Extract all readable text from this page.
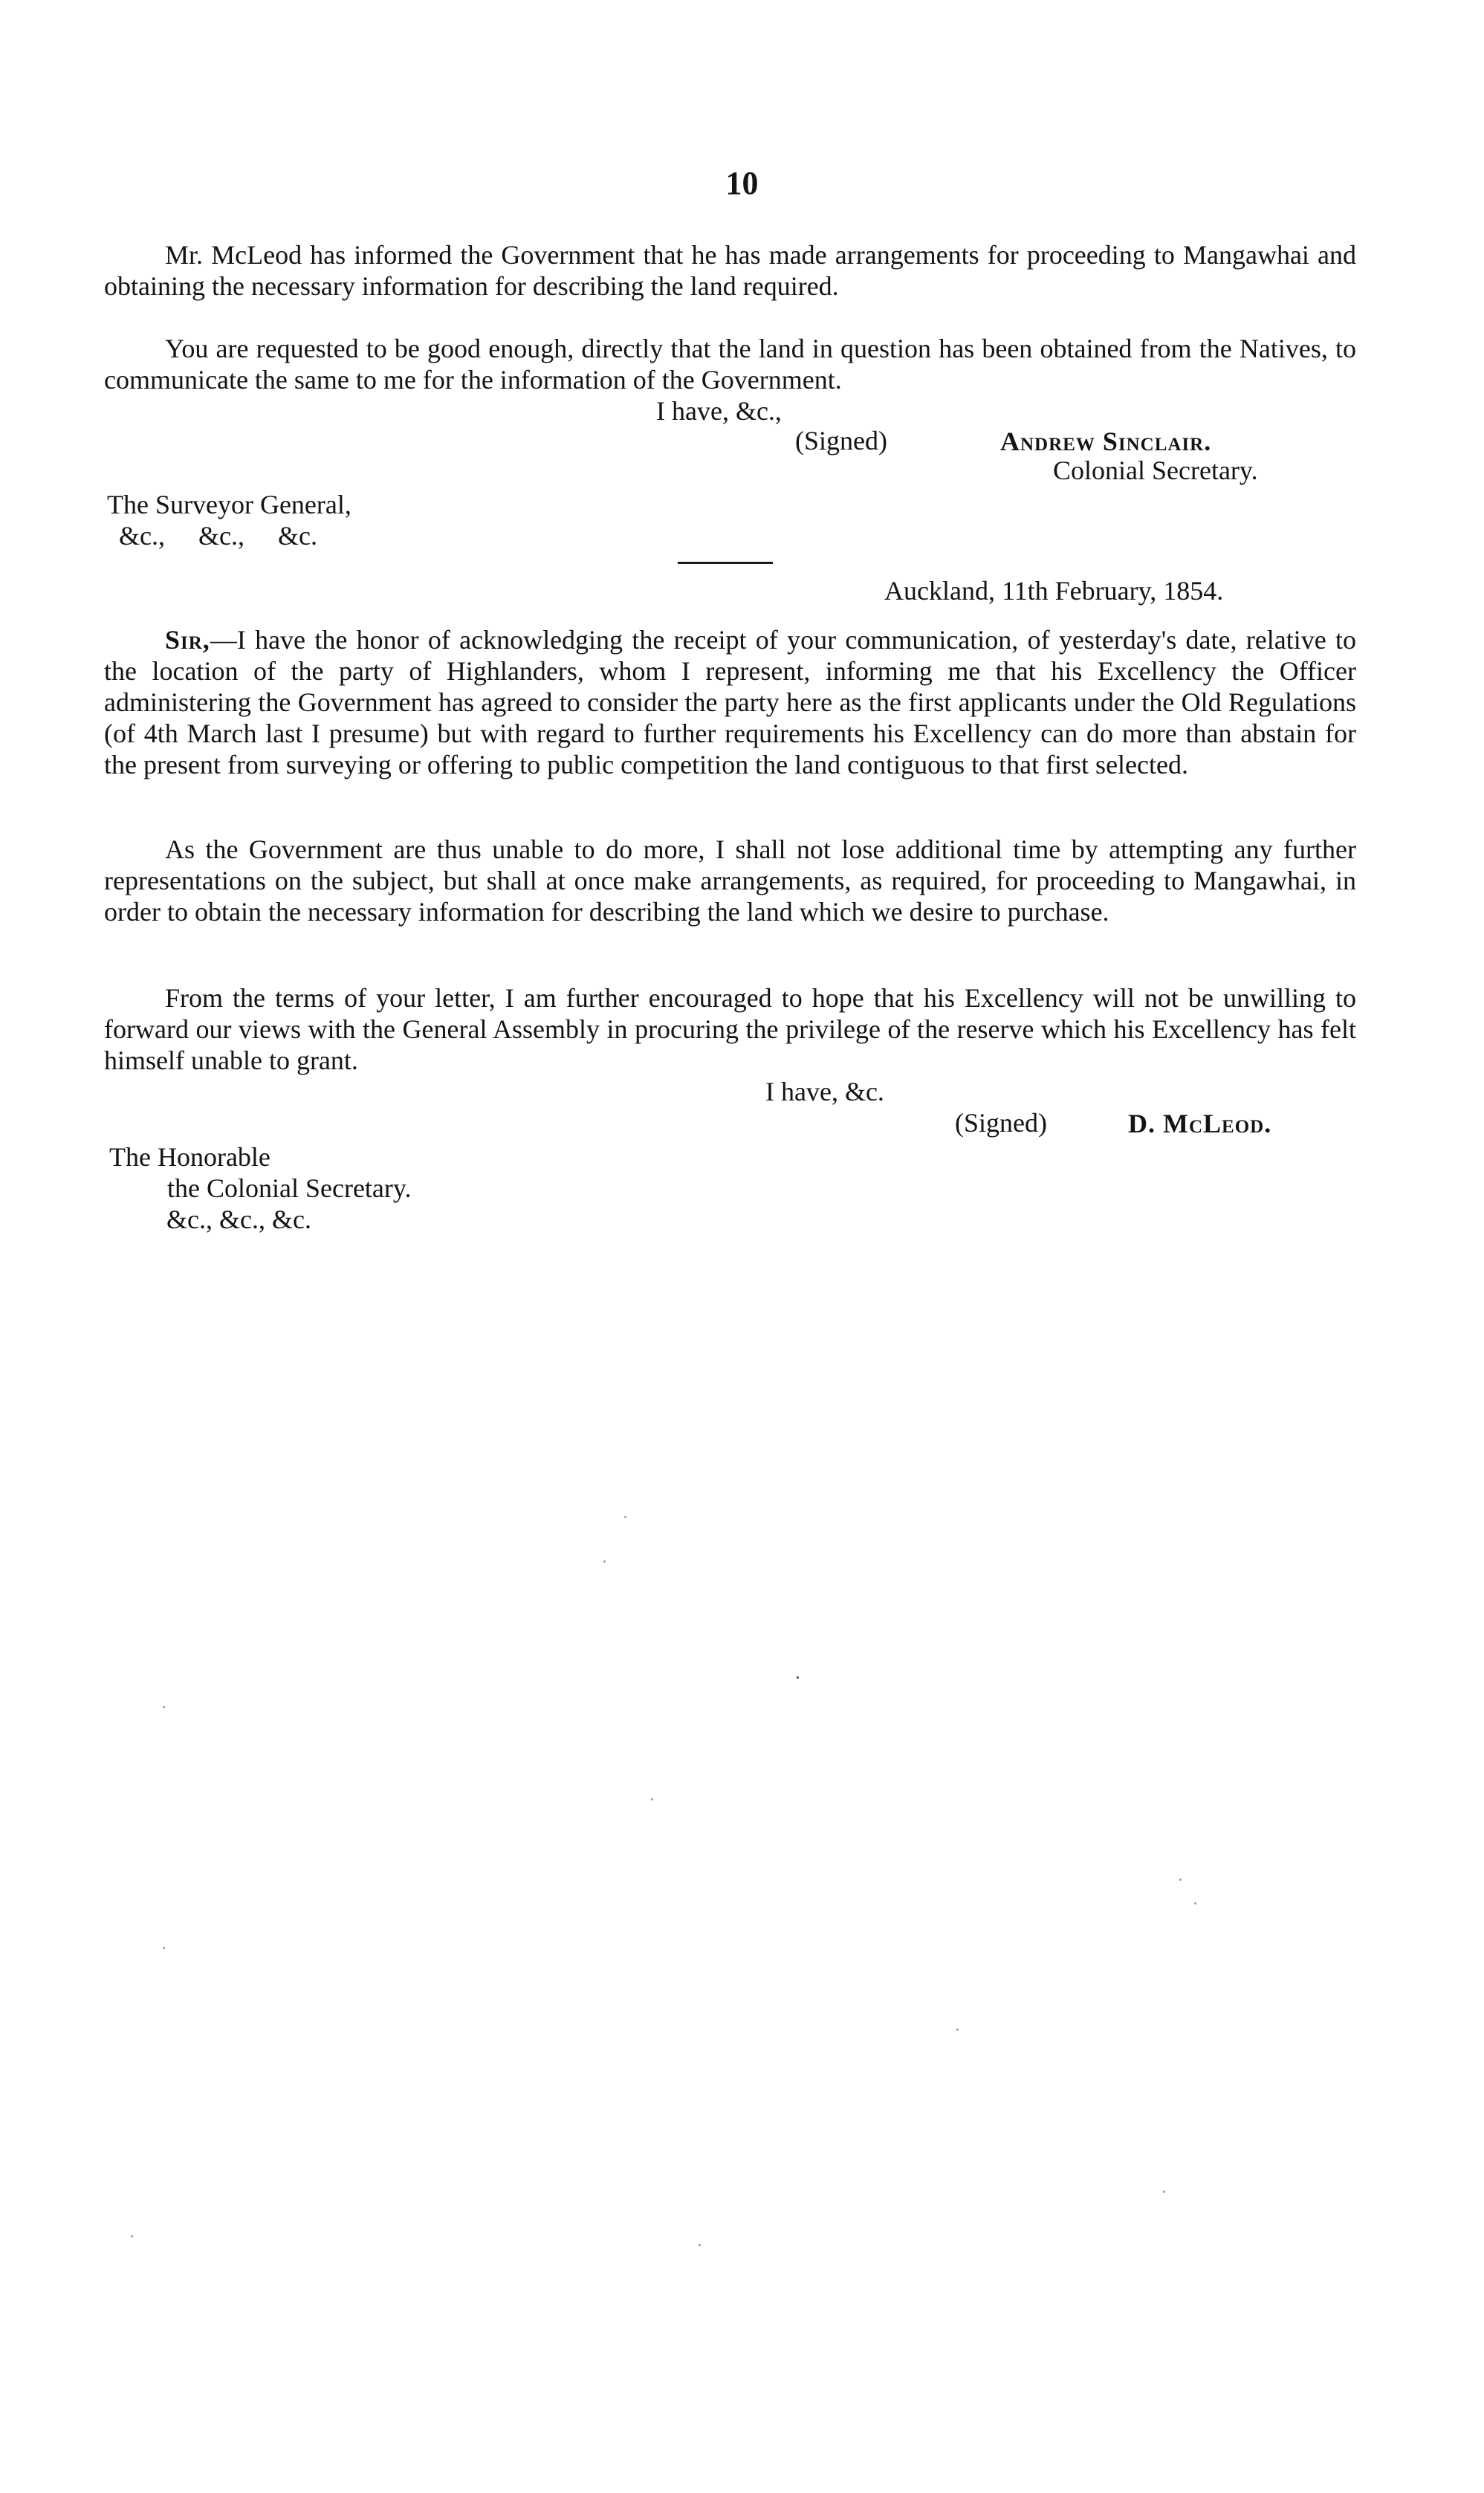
10
Mr. McLeod has informed the Government that he has made arrangements for proceeding to Mangawhai and obtaining the necessary information for describing the land required.
You are requested to be good enough, directly that the land in question has been obtained from the Natives, to communicate the same to me for the information of the Government.
I have, &c.,
(Signed)	Andrew Sinclair.
Colonial Secretary.
The Surveyor General,
&c.,     &c.,     &c.
Auckland, 11th February, 1854.
Sir,—I have the honor of acknowledging the receipt of your communication, of yesterday's date, relative to the location of the party of Highlanders, whom I represent, informing me that his Excellency the Officer administering the Government has agreed to consider the party here as the first applicants under the Old Regulations (of 4th March last I presume) but with regard to further requirements his Excellency can do more than abstain for the present from surveying or offering to public competition the land contiguous to that first selected.
As the Government are thus unable to do more, I shall not lose additional time by attempting any further representations on the subject, but shall at once make arrangements, as required, for proceeding to Mangawhai, in order to obtain the necessary information for describing the land which we desire to purchase.
From the terms of your letter, I am further encouraged to hope that his Excellency will not be unwilling to forward our views with the General Assembly in procuring the privilege of the reserve which his Excellency has felt himself unable to grant.
I have, &c.
(Signed)	D. McLeod.
The Honorable
the Colonial Secretary.
&c., &c., &c.
